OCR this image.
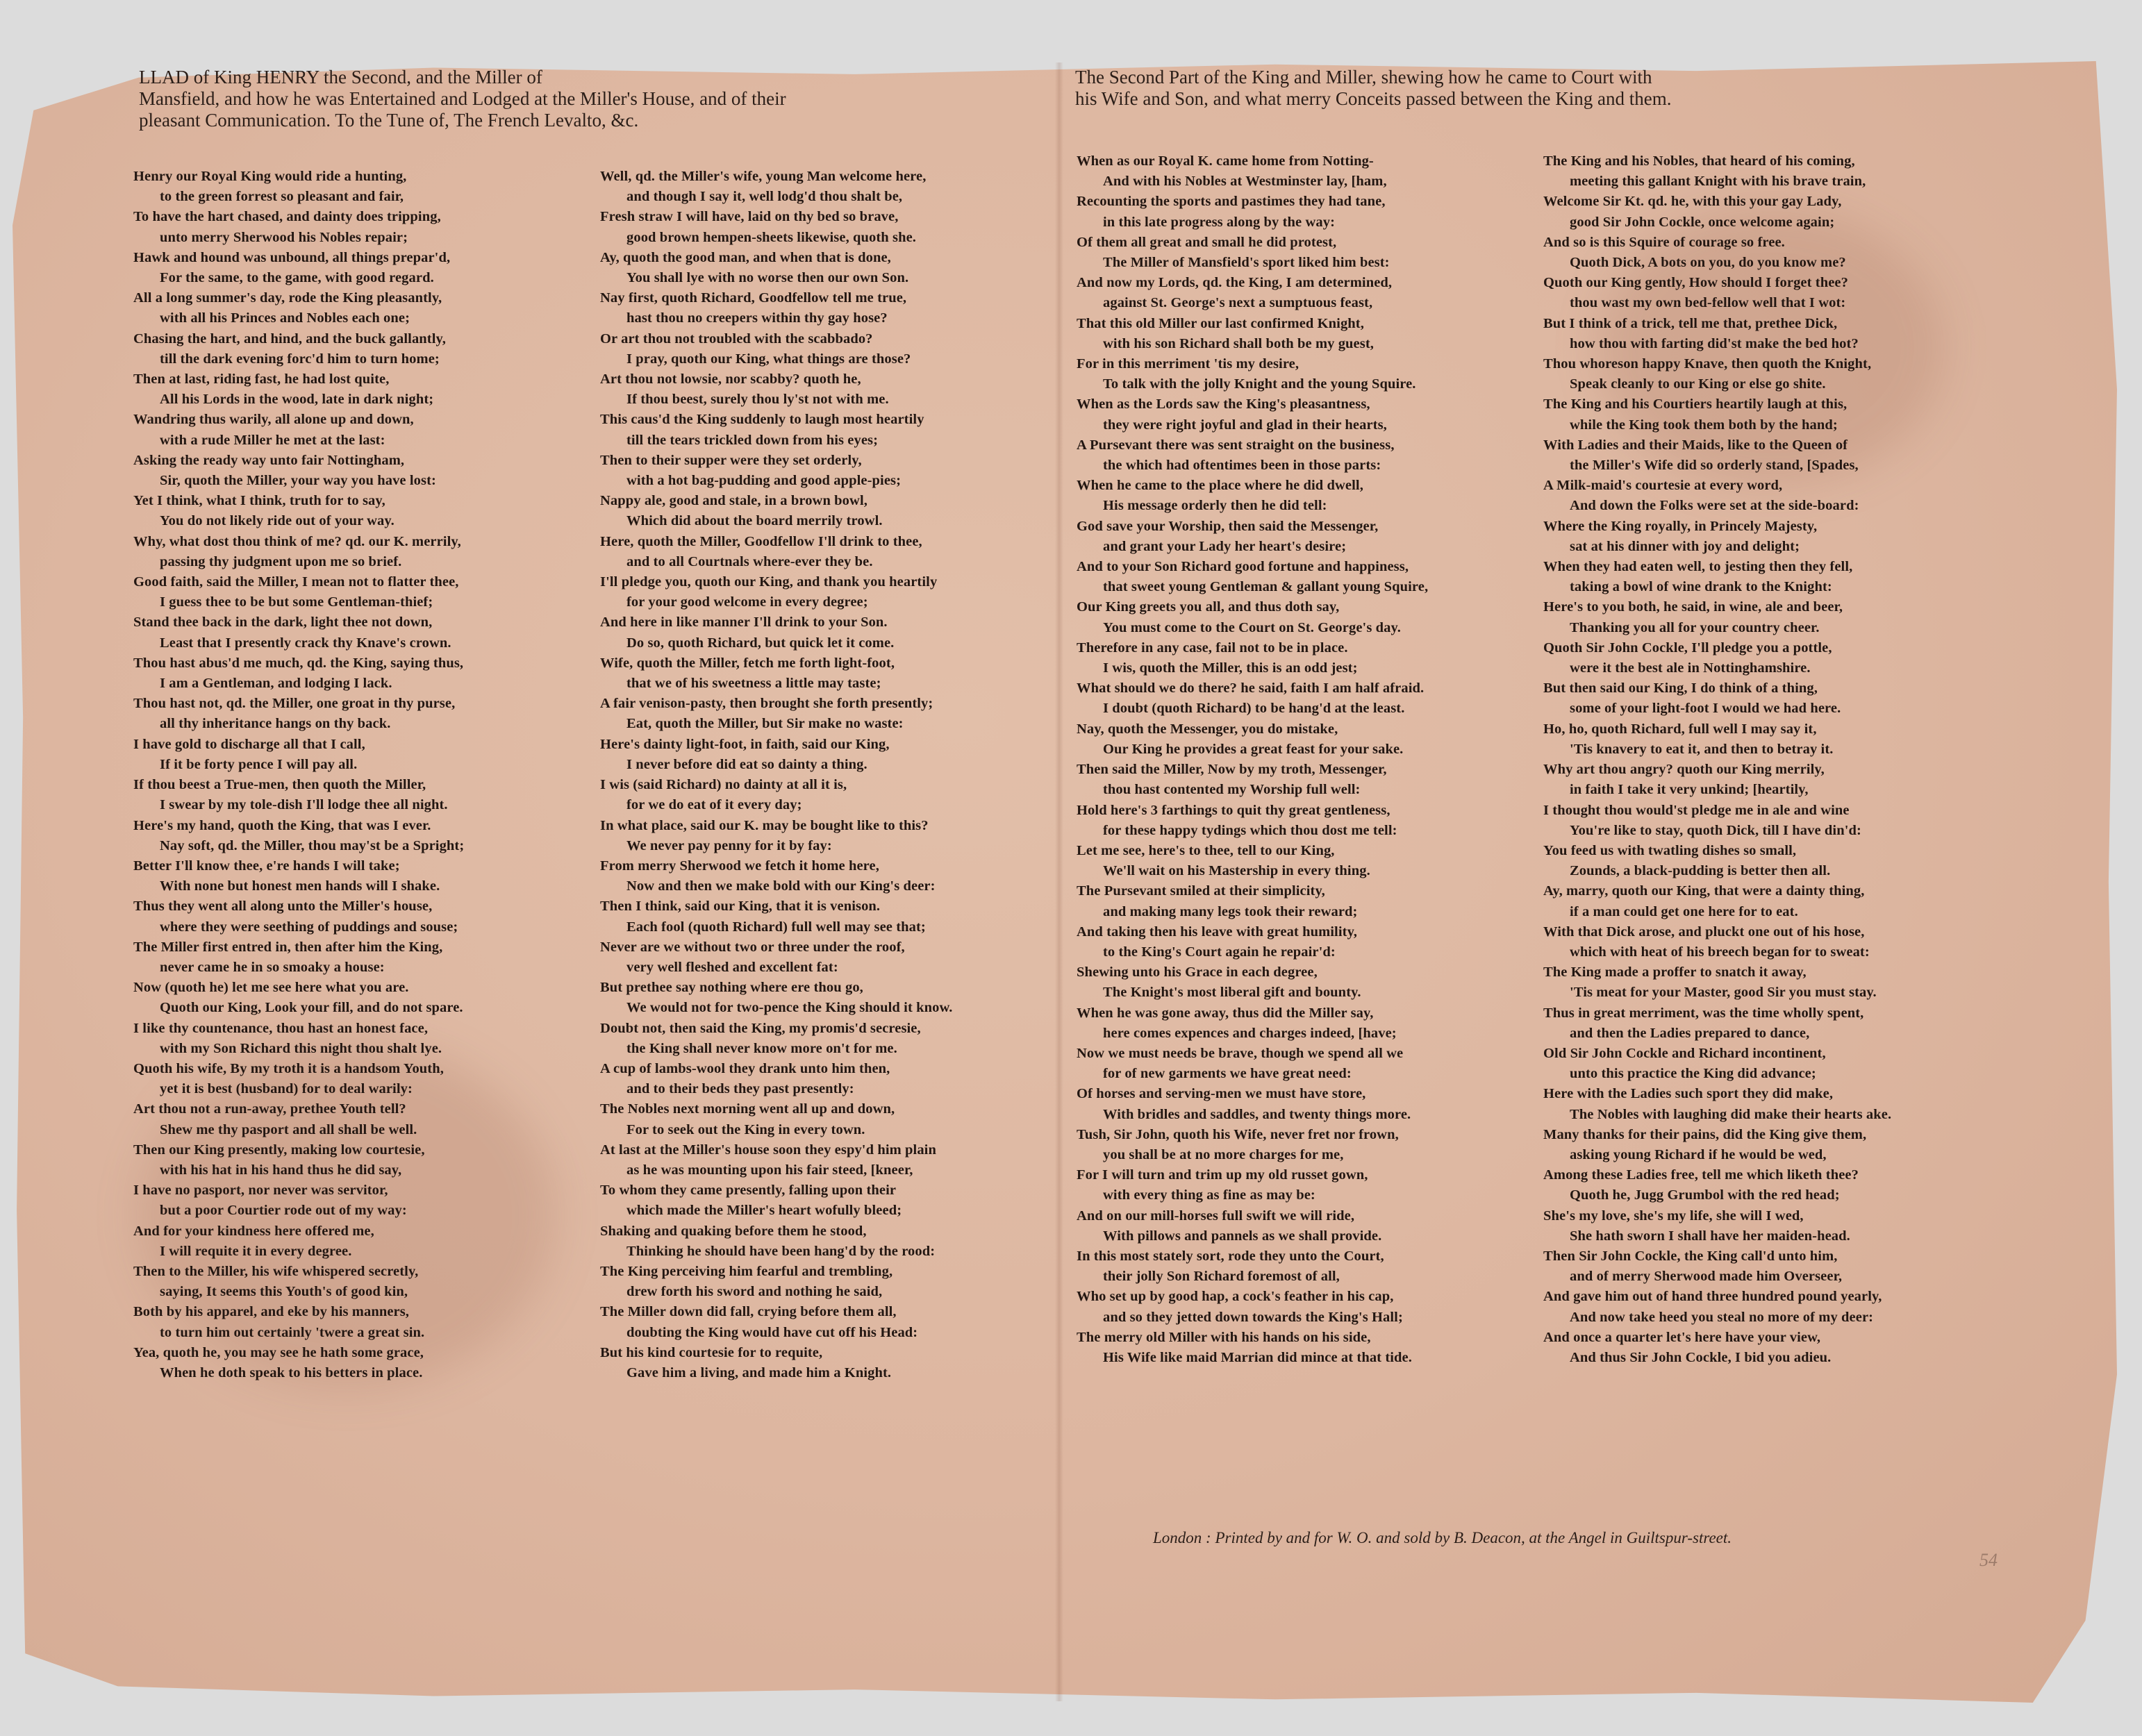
LLAD of King HENRY the Second, and the Miller of
Mansfield, and how he was Entertained and Lodged at the Miller's House, and of their
pleasant Communication. To the Tune of, The French Levalto, &c.
The Second Part of the King and Miller, shewing how he came to Court with
his Wife and Son, and what merry Conceits passed between the King and them.
Henry our Royal King would ride a hunting,
to the green forrest so pleasant and fair,
To have the hart chased, and dainty does tripping,
unto merry Sherwood his Nobles repair;
Hawk and hound was unbound, all things prepar'd,
For the same, to the game, with good regard.
All a long summer's day, rode the King pleasantly,
with all his Princes and Nobles each one;
Chasing the hart, and hind, and the buck gallantly,
till the dark evening forc'd him to turn home;
Then at last, riding fast, he had lost quite,
All his Lords in the wood, late in dark night;
Wandring thus warily, all alone up and down,
with a rude Miller he met at the last:
Asking the ready way unto fair Nottingham,
Sir, quoth the Miller, your way you have lost:
Yet I think, what I think, truth for to say,
You do not likely ride out of your way.
Why, what dost thou think of me? qd. our K. merrily,
passing thy judgment upon me so brief.
Good faith, said the Miller, I mean not to flatter thee,
I guess thee to be but some Gentleman-thief;
Stand thee back in the dark, light thee not down,
Least that I presently crack thy Knave's crown.
Thou hast abus'd me much, qd. the King, saying thus,
I am a Gentleman, and lodging I lack.
Thou hast not, qd. the Miller, one groat in thy purse,
all thy inheritance hangs on thy back.
I have gold to discharge all that I call,
If it be forty pence I will pay all.
If thou beest a True-men, then quoth the Miller,
I swear by my tole-dish I'll lodge thee all night.
Here's my hand, quoth the King, that was I ever.
Nay soft, qd. the Miller, thou may'st be a Spright;
Better I'll know thee, e're hands I will take;
With none but honest men hands will I shake.
Thus they went all along unto the Miller's house,
where they were seething of puddings and souse;
The Miller first entred in, then after him the King,
never came he in so smoaky a house:
Now (quoth he) let me see here what you are.
Quoth our King, Look your fill, and do not spare.
I like thy countenance, thou hast an honest face,
with my Son Richard this night thou shalt lye.
Quoth his wife, By my troth it is a handsom Youth,
yet it is best (husband) for to deal warily:
Art thou not a run-away, prethee Youth tell?
Shew me thy pasport and all shall be well.
Then our King presently, making low courtesie,
with his hat in his hand thus he did say,
I have no pasport, nor never was servitor,
but a poor Courtier rode out of my way:
And for your kindness here offered me,
I will requite it in every degree.
Then to the Miller, his wife whispered secretly,
saying, It seems this Youth's of good kin,
Both by his apparel, and eke by his manners,
to turn him out certainly 'twere a great sin.
Yea, quoth he, you may see he hath some grace,
When he doth speak to his betters in place.
Well, qd. the Miller's wife, young Man welcome here,
and though I say it, well lodg'd thou shalt be,
Fresh straw I will have, laid on thy bed so brave,
good brown hempen-sheets likewise, quoth she.
Ay, quoth the good man, and when that is done,
You shall lye with no worse then our own Son.
Nay first, quoth Richard, Goodfellow tell me true,
hast thou no creepers within thy gay hose?
Or art thou not troubled with the scabbado?
I pray, quoth our King, what things are those?
Art thou not lowsie, nor scabby? quoth he,
If thou beest, surely thou ly'st not with me.
This caus'd the King suddenly to laugh most heartily
till the tears trickled down from his eyes;
Then to their supper were they set orderly,
with a hot bag-pudding and good apple-pies;
Nappy ale, good and stale, in a brown bowl,
Which did about the board merrily trowl.
Here, quoth the Miller, Goodfellow I'll drink to thee,
and to all Courtnals where-ever they be.
I'll pledge you, quoth our King, and thank you heartily
for your good welcome in every degree;
And here in like manner I'll drink to your Son.
Do so, quoth Richard, but quick let it come.
Wife, quoth the Miller, fetch me forth light-foot,
that we of his sweetness a little may taste;
A fair venison-pasty, then brought she forth presently;
Eat, quoth the Miller, but Sir make no waste:
Here's dainty light-foot, in faith, said our King,
I never before did eat so dainty a thing.
I wis (said Richard) no dainty at all it is,
for we do eat of it every day;
In what place, said our K. may be bought like to this?
We never pay penny for it by fay:
From merry Sherwood we fetch it home here,
Now and then we make bold with our King's deer:
Then I think, said our King, that it is venison.
Each fool (quoth Richard) full well may see that;
Never are we without two or three under the roof,
very well fleshed and excellent fat:
But prethee say nothing where ere thou go,
We would not for two-pence the King should it know.
Doubt not, then said the King, my promis'd secresie,
the King shall never know more on't for me.
A cup of lambs-wool they drank unto him then,
and to their beds they past presently:
The Nobles next morning went all up and down,
For to seek out the King in every town.
At last at the Miller's house soon they espy'd him plain
as he was mounting upon his fair steed, [kneer,
To whom they came presently, falling upon their
which made the Miller's heart wofully bleed;
Shaking and quaking before them he stood,
Thinking he should have been hang'd by the rood:
The King perceiving him fearful and trembling,
drew forth his sword and nothing he said,
The Miller down did fall, crying before them all,
doubting the King would have cut off his Head:
But his kind courtesie for to requite,
Gave him a living, and made him a Knight.
When as our Royal K. came home from Notting-
And with his Nobles at Westminster lay, [ham,
Recounting the sports and pastimes they had tane,
in this late progress along by the way:
Of them all great and small he did protest,
The Miller of Mansfield's sport liked him best:
And now my Lords, qd. the King, I am determined,
against St. George's next a sumptuous feast,
That this old Miller our last confirmed Knight,
with his son Richard shall both be my guest,
For in this merriment 'tis my desire,
To talk with the jolly Knight and the young Squire.
When as the Lords saw the King's pleasantness,
they were right joyful and glad in their hearts,
A Pursevant there was sent straight on the business,
the which had oftentimes been in those parts:
When he came to the place where he did dwell,
His message orderly then he did tell:
God save your Worship, then said the Messenger,
and grant your Lady her heart's desire;
And to your Son Richard good fortune and happiness,
that sweet young Gentleman & gallant young Squire,
Our King greets you all, and thus doth say,
You must come to the Court on St. George's day.
Therefore in any case, fail not to be in place.
I wis, quoth the Miller, this is an odd jest;
What should we do there? he said, faith I am half afraid.
I doubt (quoth Richard) to be hang'd at the least.
Nay, quoth the Messenger, you do mistake,
Our King he provides a great feast for your sake.
Then said the Miller, Now by my troth, Messenger,
thou hast contented my Worship full well:
Hold here's 3 farthings to quit thy great gentleness,
for these happy tydings which thou dost me tell:
Let me see, here's to thee, tell to our King,
We'll wait on his Mastership in every thing.
The Pursevant smiled at their simplicity,
and making many legs took their reward;
And taking then his leave with great humility,
to the King's Court again he repair'd:
Shewing unto his Grace in each degree,
The Knight's most liberal gift and bounty.
When he was gone away, thus did the Miller say,
here comes expences and charges indeed, [have;
Now we must needs be brave, though we spend all we
for of new garments we have great need:
Of horses and serving-men we must have store,
With bridles and saddles, and twenty things more.
Tush, Sir John, quoth his Wife, never fret nor frown,
you shall be at no more charges for me,
For I will turn and trim up my old russet gown,
with every thing as fine as may be:
And on our mill-horses full swift we will ride,
With pillows and pannels as we shall provide.
In this most stately sort, rode they unto the Court,
their jolly Son Richard foremost of all,
Who set up by good hap, a cock's feather in his cap,
and so they jetted down towards the King's Hall;
The merry old Miller with his hands on his side,
His Wife like maid Marrian did mince at that tide.
The King and his Nobles, that heard of his coming,
meeting this gallant Knight with his brave train,
Welcome Sir Kt. qd. he, with this your gay Lady,
good Sir John Cockle, once welcome again;
And so is this Squire of courage so free.
Quoth Dick, A bots on you, do you know me?
Quoth our King gently, How should I forget thee?
thou wast my own bed-fellow well that I wot:
But I think of a trick, tell me that, prethee Dick,
how thou with farting did'st make the bed hot?
Thou whoreson happy Knave, then quoth the Knight,
Speak cleanly to our King or else go shite.
The King and his Courtiers heartily laugh at this,
while the King took them both by the hand;
With Ladies and their Maids, like to the Queen of
the Miller's Wife did so orderly stand, [Spades,
A Milk-maid's courtesie at every word,
And down the Folks were set at the side-board:
Where the King royally, in Princely Majesty,
sat at his dinner with joy and delight;
When they had eaten well, to jesting then they fell,
taking a bowl of wine drank to the Knight:
Here's to you both, he said, in wine, ale and beer,
Thanking you all for your country cheer.
Quoth Sir John Cockle, I'll pledge you a pottle,
were it the best ale in Nottinghamshire.
But then said our King, I do think of a thing,
some of your light-foot I would we had here.
Ho, ho, quoth Richard, full well I may say it,
'Tis knavery to eat it, and then to betray it.
Why art thou angry? quoth our King merrily,
in faith I take it very unkind; [heartily,
I thought thou would'st pledge me in ale and wine
You're like to stay, quoth Dick, till I have din'd:
You feed us with twatling dishes so small,
Zounds, a black-pudding is better then all.
Ay, marry, quoth our King, that were a dainty thing,
if a man could get one here for to eat.
With that Dick arose, and pluckt one out of his hose,
which with heat of his breech began for to sweat:
The King made a proffer to snatch it away,
'Tis meat for your Master, good Sir you must stay.
Thus in great merriment, was the time wholly spent,
and then the Ladies prepared to dance,
Old Sir John Cockle and Richard incontinent,
unto this practice the King did advance;
Here with the Ladies such sport they did make,
The Nobles with laughing did make their hearts ake.
Many thanks for their pains, did the King give them,
asking young Richard if he would be wed,
Among these Ladies free, tell me which liketh thee?
Quoth he, Jugg Grumbol with the red head;
She's my love, she's my life, she will I wed,
She hath sworn I shall have her maiden-head.
Then Sir John Cockle, the King call'd unto him,
and of merry Sherwood made him Overseer,
And gave him out of hand three hundred pound yearly,
And now take heed you steal no more of my deer:
And once a quarter let's here have your view,
And thus Sir John Cockle, I bid you adieu.
London : Printed by and for W. O. and sold by B. Deacon, at the Angel in Guiltspur-street.
54
